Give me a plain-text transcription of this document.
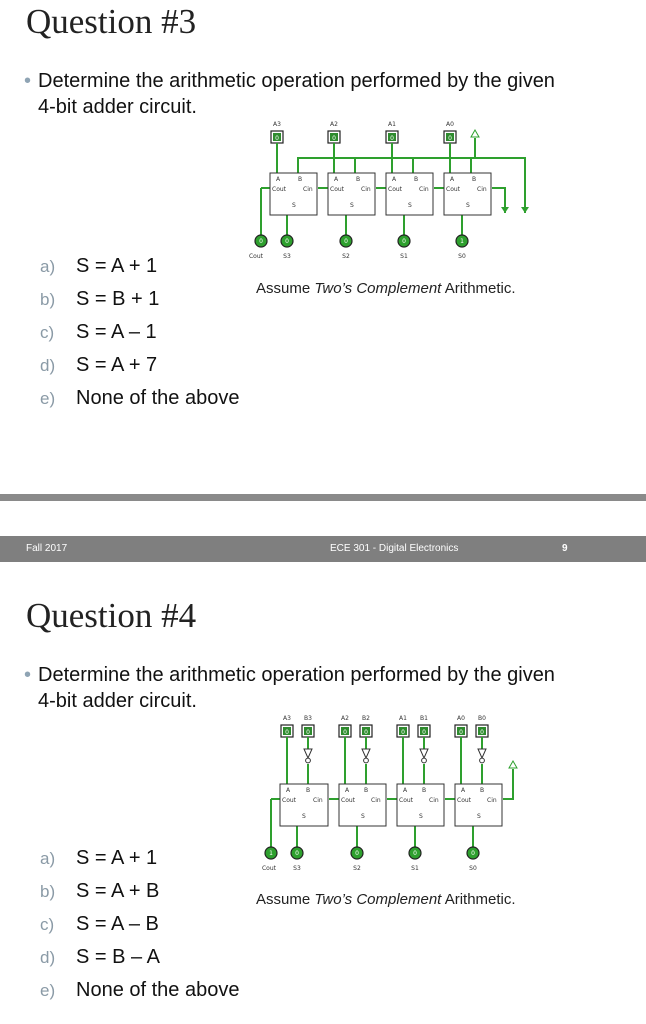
Question #3
• Determine the arithmetic operation performed by the given
4-bit adder circuit.
A3	A2	A1	A0
0	0	0	0
A	B
Cout	Cin
S
A	B
Cout	Cin
S
A	B
Cout	Cin
S
A	B
Cout	Cin
S
0	0	0	0	1
Cout	S3	S2	S1	S0
a) S = A + 1
b) S = B + 1
c) S = A – 1
d) S = A + 7
e) None of the above
Assume Two’s Complement Arithmetic.
Fall 2017	ECE 301 - Digital Electronics	9
Question #4
• Determine the arithmetic operation performed by the given
4-bit adder circuit.
A3 B3	A2 B2	A1 B1	A0 B0
0	0	0	0	0	0	0	0
A	B
Cout	Cin
S
A B
Cout	Cin
S
A B
Cout	Cin
S
A B
Cout	Cin
S
1	0	0	0	0
Cout	S3	S2	S1	S0
a) S = A + 1
b) S = A + B
c) S = A – B
d) S = B – A
e) None of the above
Assume Two’s Complement Arithmetic.
